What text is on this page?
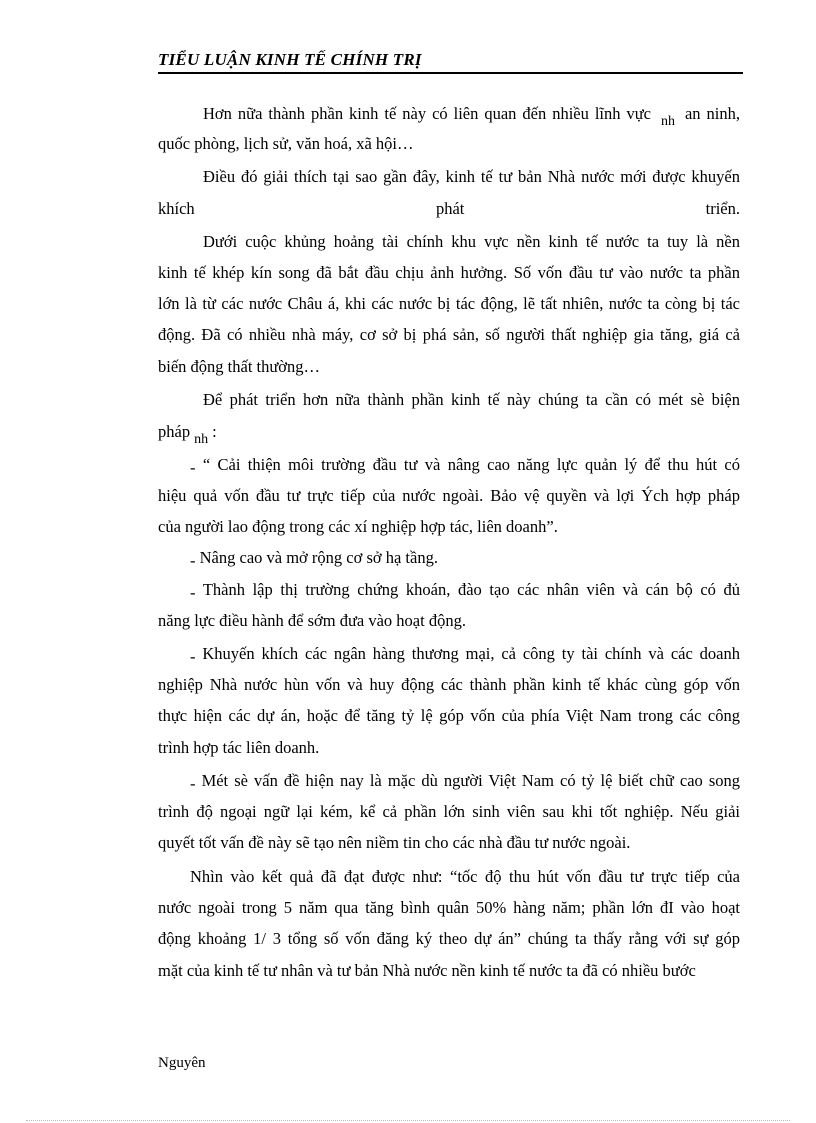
TIỂU LUẬN KINH TẾ CHÍNH TRỊ
Hơn nữa thành phần kinh tế này có liên quan đến nhiều lĩnh vực $_{nh}$ an ninh,
quốc phòng, lịch sử, văn hoá, xã hội…
Điều đó giải thích tại sao gần đây, kinh tế tư bản Nhà nước mới được khuyến
khích phát triển.
Dưới cuộc khủng hoảng tài chính khu vực nền kinh tế nước ta tuy là nền
kinh tế khép kín song đã bắt đầu chịu ảnh hưởng. Số vốn đầu tư vào nước ta phần
lớn là từ các nước Châu á, khi các nước bị tác động, lẽ tất nhiên, nước ta còng bị tác
động. Đã có nhiều nhà máy, cơ sở bị phá sản, số người thất nghiệp gia tăng, giá cả
biến động thất thường…
Để phát triển hơn nữa thành phần kinh tế này chúng ta cần có mét sè biện
pháp $_{nh}$ :
- “ Cải thiện môi trường đầu tư và nâng cao năng lực quản lý để thu hút có
hiệu quả vốn đầu tư trực tiếp của nước ngoài. Bảo vệ quyền và lợi Ých hợp pháp
của người lao động trong các xí nghiệp hợp tác, liên doanh”.
- Nâng cao và mở rộng cơ sở hạ tầng.
- Thành lập thị trường chứng khoán, đào tạo các nhân viên và cán bộ có đủ
năng lực điều hành để sớm đưa vào hoạt động.
- Khuyến khích các ngân hàng thương mại, cả công ty tài chính và các doanh
nghiệp Nhà nước hùn vốn và huy động các thành phần kinh tế khác cùng góp vốn
thực hiện các dự án, hoặc để tăng tỷ lệ góp vốn của phía Việt Nam trong các công
trình hợp tác liên doanh.
- Mét sè vấn đề hiện nay là mặc dù người Việt Nam có tỷ lệ biết chữ cao song
trình độ ngoại ngữ lại kém, kể cả phần lớn sinh viên sau khi tốt nghiệp. Nếu giải
quyết tốt vấn đề này sẽ tạo nên niềm tin cho các nhà đầu tư nước ngoài.
Nhìn vào kết quả đã đạt được như: “tốc độ thu hút vốn đầu tư trực tiếp của
nước ngoài trong 5 năm qua tăng bình quân 50% hàng năm; phần lớn đI vào hoạt
động khoảng 1/ 3 tổng số vốn đăng ký theo dự án” chúng ta thấy rằng với sự góp
mặt của kinh tế tư nhân và tư bản Nhà nước nền kinh tế nước ta đã có nhiều bước
Nguyên
